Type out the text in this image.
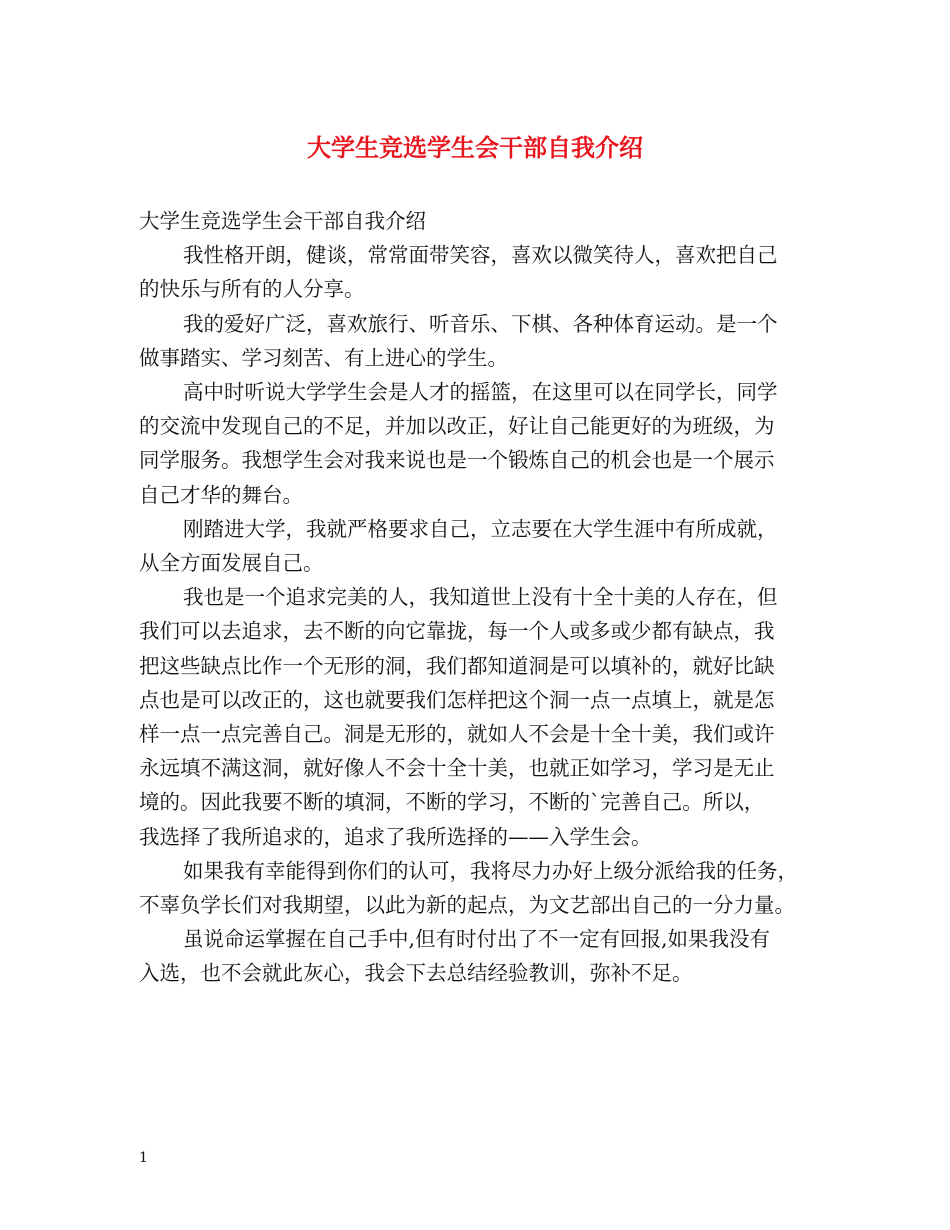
大学生竞选学生会干部自我介绍

大学生竞选学生会干部自我介绍

我性格开朗，健谈，常常面带笑容，喜欢以微笑待人，喜欢把自己
的快乐与所有的人分享。

我的爱好广泛，喜欢旅行、听音乐、下棋、各种体育运动。是一个
做事踏实、学习刻苦、有上进心的学生。

高中时听说大学学生会是人才的摇篮，在这里可以在同学长，同学
的交流中发现自己的不足，并加以改正，好让自己能更好的为班级，为
同学服务。我想学生会对我来说也是一个锻炼自己的机会也是一个展示
自己才华的舞台。

刚踏进大学，我就严格要求自己，立志要在大学生涯中有所成就，
从全方面发展自己。

我也是一个追求完美的人，我知道世上没有十全十美的人存在，但
我们可以去追求，去不断的向它靠拢，每一个人或多或少都有缺点，我
把这些缺点比作一个无形的洞，我们都知道洞是可以填补的，就好比缺
点也是可以改正的，这也就要我们怎样把这个洞一点一点填上，就是怎
样一点一点完善自己。洞是无形的，就如人不会是十全十美，我们或许
永远填不满这洞，就好像人不会十全十美，也就正如学习，学习是无止
境的。因此我要不断的填洞，不断的学习，不断的`完善自己。所以，
我选择了我所追求的，追求了我所选择的——入学生会。

如果我有幸能得到你们的认可，我将尽力办好上级分派给我的任务，
不辜负学长们对我期望，以此为新的起点，为文艺部出自己的一分力量。

虽说命运掌握在自己手中,但有时付出了不一定有回报,如果我没有
入选，也不会就此灰心，我会下去总结经验教训，弥补不足。

1
